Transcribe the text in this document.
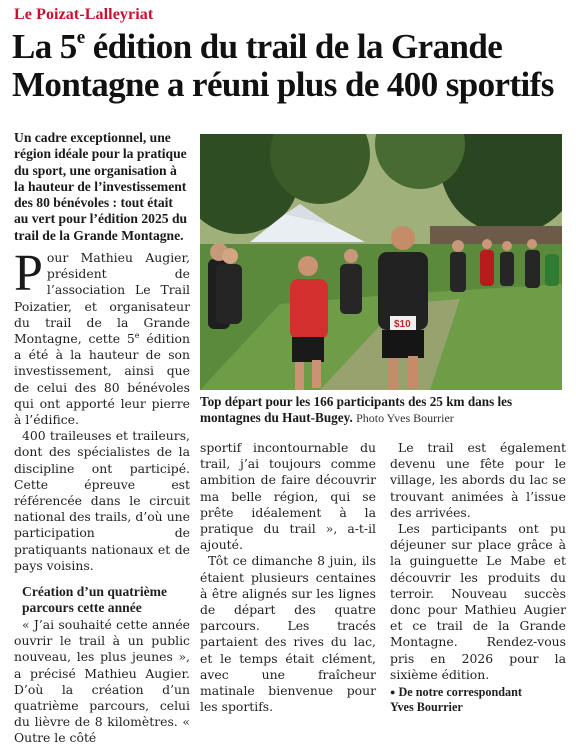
Le Poizat-Lalleyriat
La 5e édition du trail de la Grande Montagne a réuni plus de 400 sportifs
Un cadre exceptionnel, une région idéale pour la pratique du sport, une organisation à la hauteur de l’investissement des 80 bénévoles : tout était au vert pour l’édition 2025 du trail de la Grande Montagne.
$10
Top départ pour les 166 participants des 25 km dans les montagnes du Haut-Bugey. Photo Yves Bourrier

Pour Mathieu Augier, président de l’association Le Trail Poizatier, et organisateur du trail de la Grande Montagne, cette 5e édition a été à la hauteur de son investissement, ainsi que de celui des 80 bénévoles qui ont apporté leur pierre à l’édifice.

400 traileuses et traileurs, dont des spécialistes de la discipline ont participé. Cette épreuve est référencée dans le circuit national des trails, d’où une participation de pratiquants nationaux et de pays voisins.

Création d’un quatrième parcours cette année

« J’ai souhaité cette année ouvrir le trail à un public nouveau, les plus jeunes », a précisé Mathieu Augier. D’où la création d’un quatrième parcours, celui du lièvre de 8 kilomètres. « Outre le côté

sportif incontournable du trail, j’ai toujours comme ambition de faire découvrir ma belle région, qui se prête idéalement à la pratique du trail », a-t-il ajouté.

Tôt ce dimanche 8 juin, ils étaient plusieurs centaines à être alignés sur les lignes de départ des quatre parcours. Les tracés partaient des rives du lac, et le temps était clément, avec une fraîcheur matinale bienvenue pour les sportifs.

Le trail est également devenu une fête pour le village, les abords du lac se trouvant animées à l’issue des arrivées.

Les participants ont pu déjeuner sur place grâce à la guinguette Le Mabe et découvrir les produits du terroir. Nouveau succès donc pour Mathieu Augier et ce trail de la Grande Montagne. Rendez-vous pris en 2026 pour la sixième édition.

● De notre correspondant
Yves Bourrier
